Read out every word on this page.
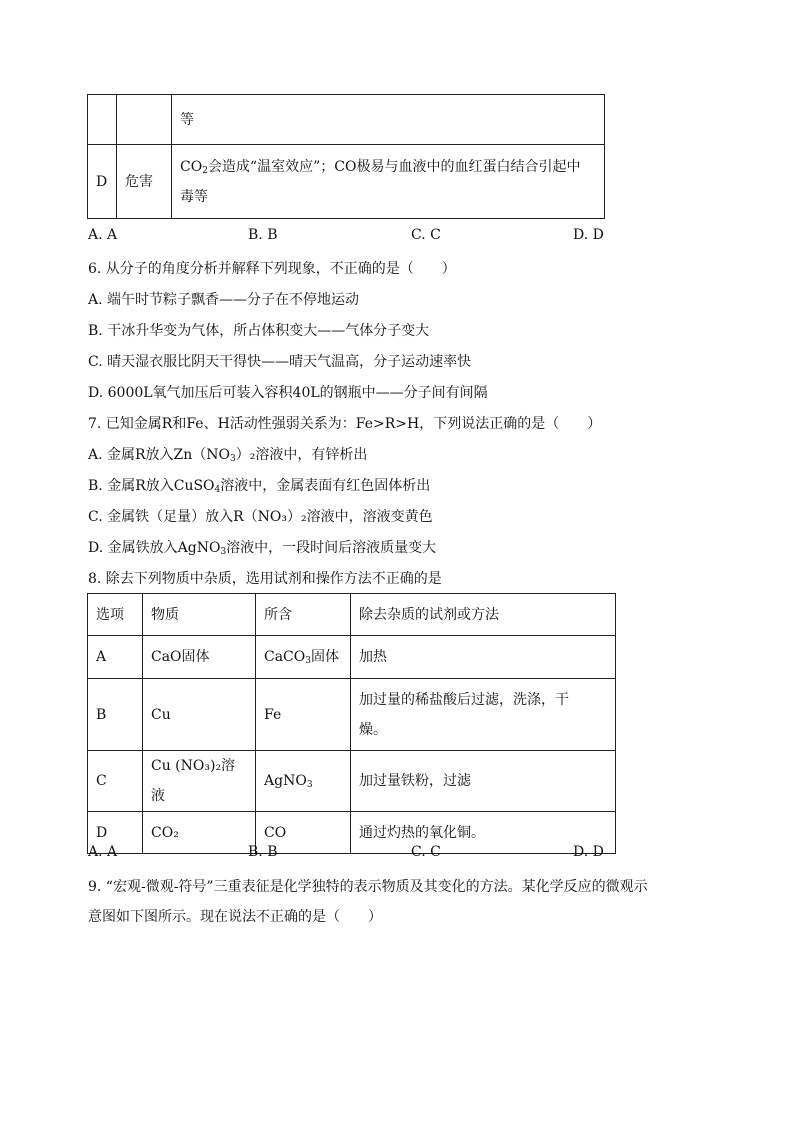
		等
D	危害	$CO_2$会造成“温室效应”；CO极易与血液中的血红蛋白结合引起中
毒等
A. A	B. B	C. C	D. D
6. 从分子的角度分析并解释下列现象，不正确的是（　　）
A. 端午时节粽子飘香——分子在不停地运动
B. 干冰升华变为气体，所占体积变大——气体分子变大
C. 晴天湿衣服比阴天干得快——晴天气温高，分子运动速率快
D. 6000L氧气加压后可装入容积40L的钢瓶中——分子间有间隔
7. 已知金属R和Fe、H活动性强弱关系为：Fe>R>H，下列说法正确的是（　　）
A. 金属R放入$Zn(NO_3)_2$溶液中，有锌析出
B. 金属R放入CuSO$_4$溶液中，金属表面有红色固体析出
C. 金属铁（足量）放入R（NO₃）₂溶液中，溶液变黄色
D. 金属铁放入AgNO$_3$溶液中，一段时间后溶液质量变大
8. 除去下列物质中杂质，选用试剂和操作方法不正确的是
选项	物质	所含	除去杂质的试剂或方法
A	CaO固体	CaCO$_3$固体	加热
B	Cu	Fe	加过量的稀盐酸后过滤，洗涤，干
燥。
C	Cu (NO₃)₂溶液	AgNO$_3$	加过量铁粉，过滤
D	CO₂	CO	通过灼热的氧化铜。
A. A	B. B	C. C	D. D
9. “宏观-微观-符号”三重表征是化学独特的表示物质及其变化的方法。某化学反应的微观示
意图如下图所示。现在说法不正确的是（　　）
